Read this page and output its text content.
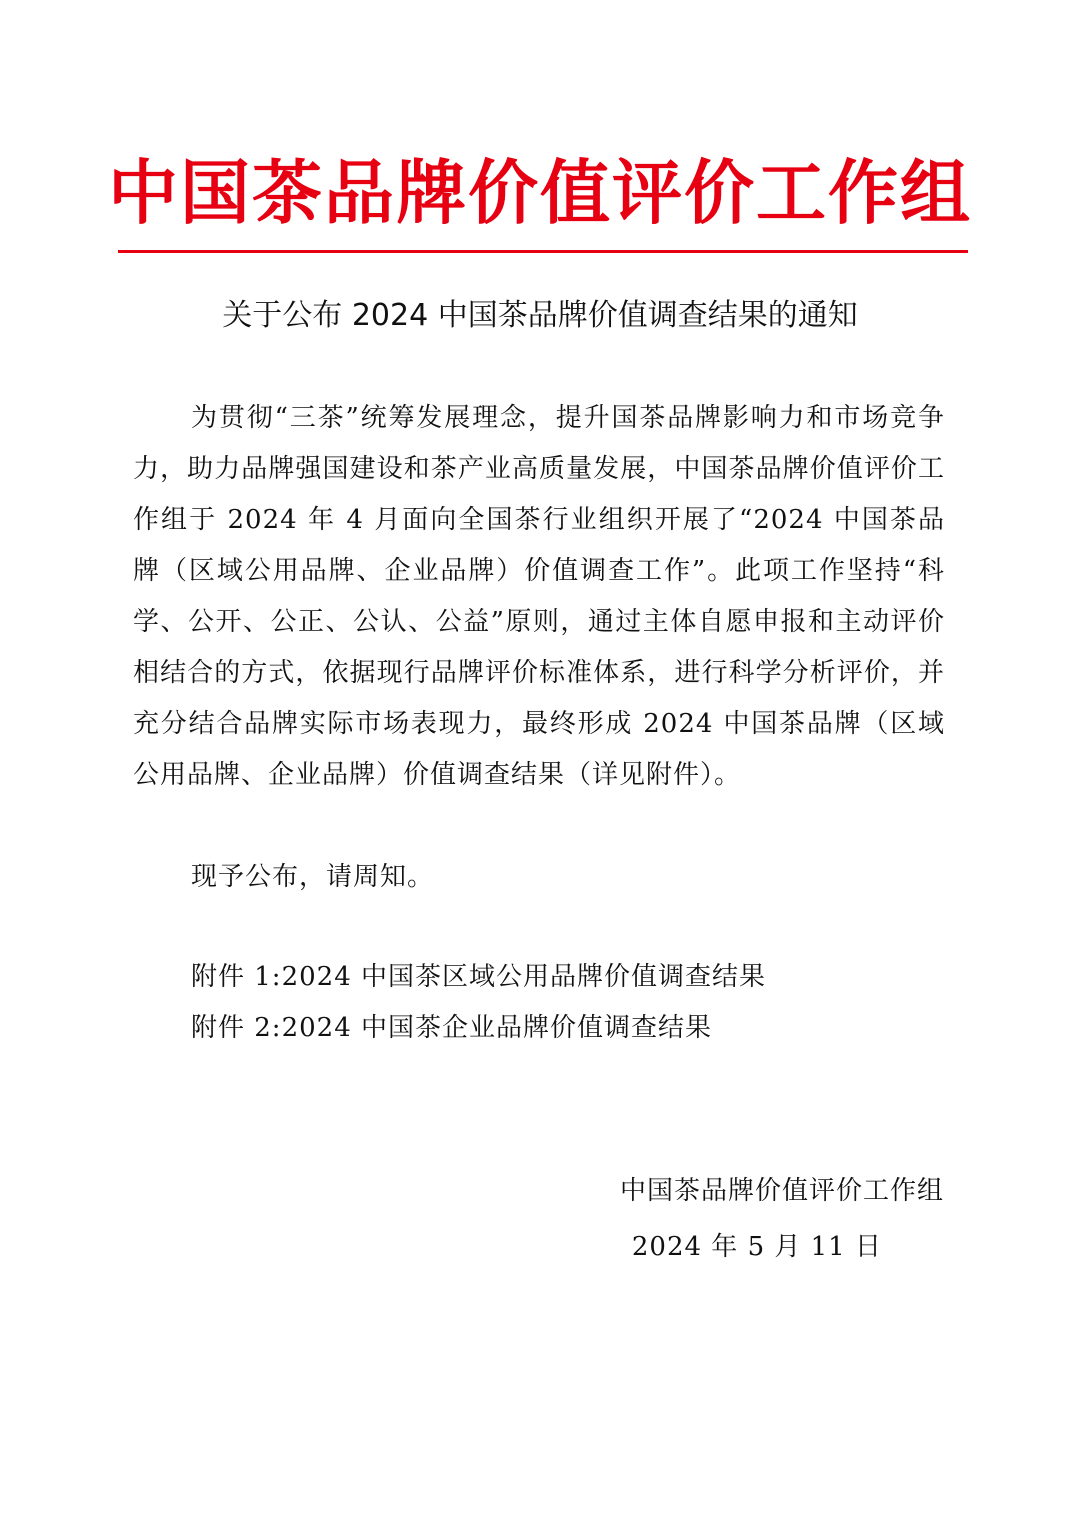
中国茶品牌价值评价工作组
关于公布 2024 中国茶品牌价值调查结果的通知

为贯彻“三茶”统筹发展理念，提升国茶品牌影响力和市场竞争力，助力品牌强国建设和茶产业高质量发展，中国茶品牌价值评价工作组于 2024 年 4 月面向全国茶行业组织开展了“2024 中国茶品牌（区域公用品牌、企业品牌）价值调查工作”。此项工作坚持“科学、公开、公正、公认、公益”原则，通过主体自愿申报和主动评价相结合的方式，依据现行品牌评价标准体系，进行科学分析评价，并充分结合品牌实际市场表现力，最终形成 2024 中国茶品牌（区域公用品牌、企业品牌）价值调查结果（详见附件）。

现予公布，请周知。

附件 1:2024 中国茶区域公用品牌价值调查结果
附件 2:2024 中国茶企业品牌价值调查结果
中国茶品牌价值评价工作组
2024 年 5 月 11 日
